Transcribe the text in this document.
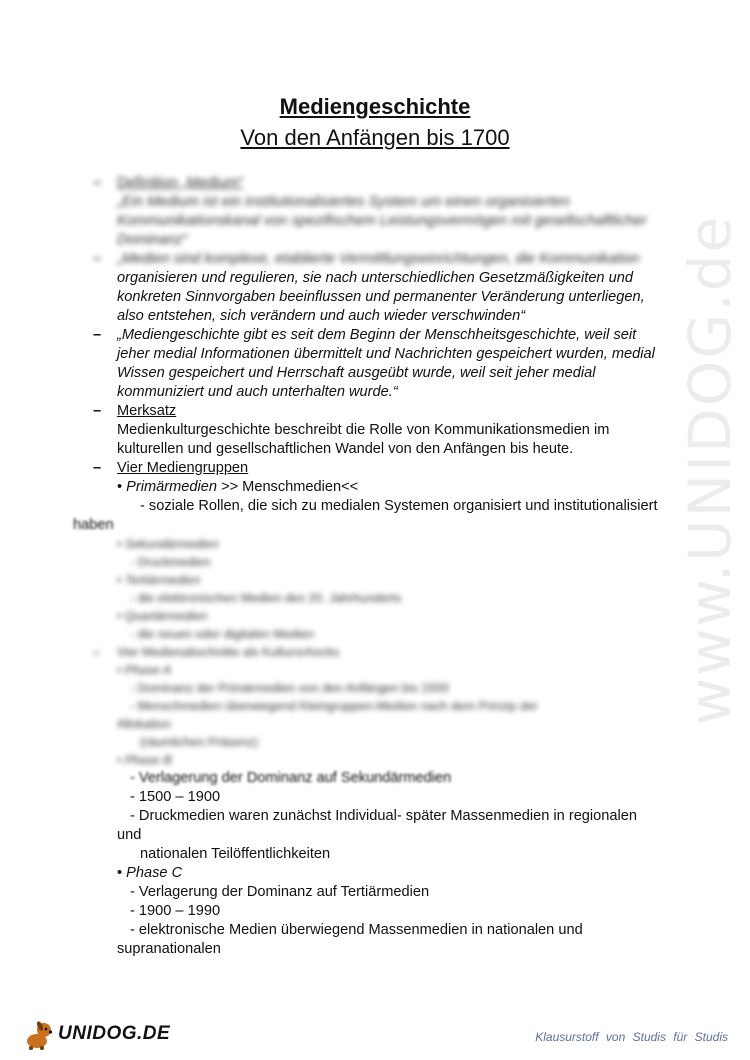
www.UNIDOG.de
Mediengeschichte
Von den Anfängen bis 1700
– Definition „Medium“
„Ein Medium ist ein institutionalisiertes System um einen organisierten
Kommunikationskanal von spezifischem Leistungsvermögen mit gesellschaftlicher
Dominanz“
– „Medien sind komplexe, etablierte Vermittlungseinrichtungen, die Kommunikation
organisieren und regulieren, sie nach unterschiedlichen Gesetzmäßigkeiten und
konkreten Sinnvorgaben beeinflussen und permanenter Veränderung unterliegen,
also entstehen, sich verändern und auch wieder verschwinden“
– „Mediengeschichte gibt es seit dem Beginn der Menschheitsgeschichte, weil seit
jeher medial Informationen übermittelt und Nachrichten gespeichert wurden, medial
Wissen gespeichert und Herrschaft ausgeübt wurde, weil seit jeher medial
kommuniziert und auch unterhalten wurde.“
– Merksatz
Medienkulturgeschichte beschreibt die Rolle von Kommunikationsmedien im
kulturellen und gesellschaftlichen Wandel von den Anfängen bis heute.
– Vier Mediengruppen
• Primärmedien >> Menschmedien<<
- soziale Rollen, die sich zu medialen Systemen organisiert und institutionalisiert
haben
• Sekundärmedien
- Druckmedien
• Tertiärmedien
- die elektronischen Medien des 20. Jahrhunderts
• Quartärmedien
- die neuen oder digitalen Medien
– Vier Medienabschnitte als Kulturschocks
• Phase A
- Dominanz der Primärmedien von den Anfängen bis 1500
- Menschmedien überwiegend Kleingruppen-Medien nach dem Prinzip der
Allokation
(räumlichen Präsenz)
• Phase B
- Verlagerung der Dominanz auf Sekundärmedien
- 1500 – 1900
- Druckmedien waren zunächst Individual- später Massenmedien in regionalen
und
nationalen Teilöffentlichkeiten
• Phase C
- Verlagerung der Dominanz auf Tertiärmedien
- 1900 – 1990
- elektronische Medien überwiegend Massenmedien in nationalen und
supranationalen
UNIDOG.DE	Klausurstoff von Studis für Studis
